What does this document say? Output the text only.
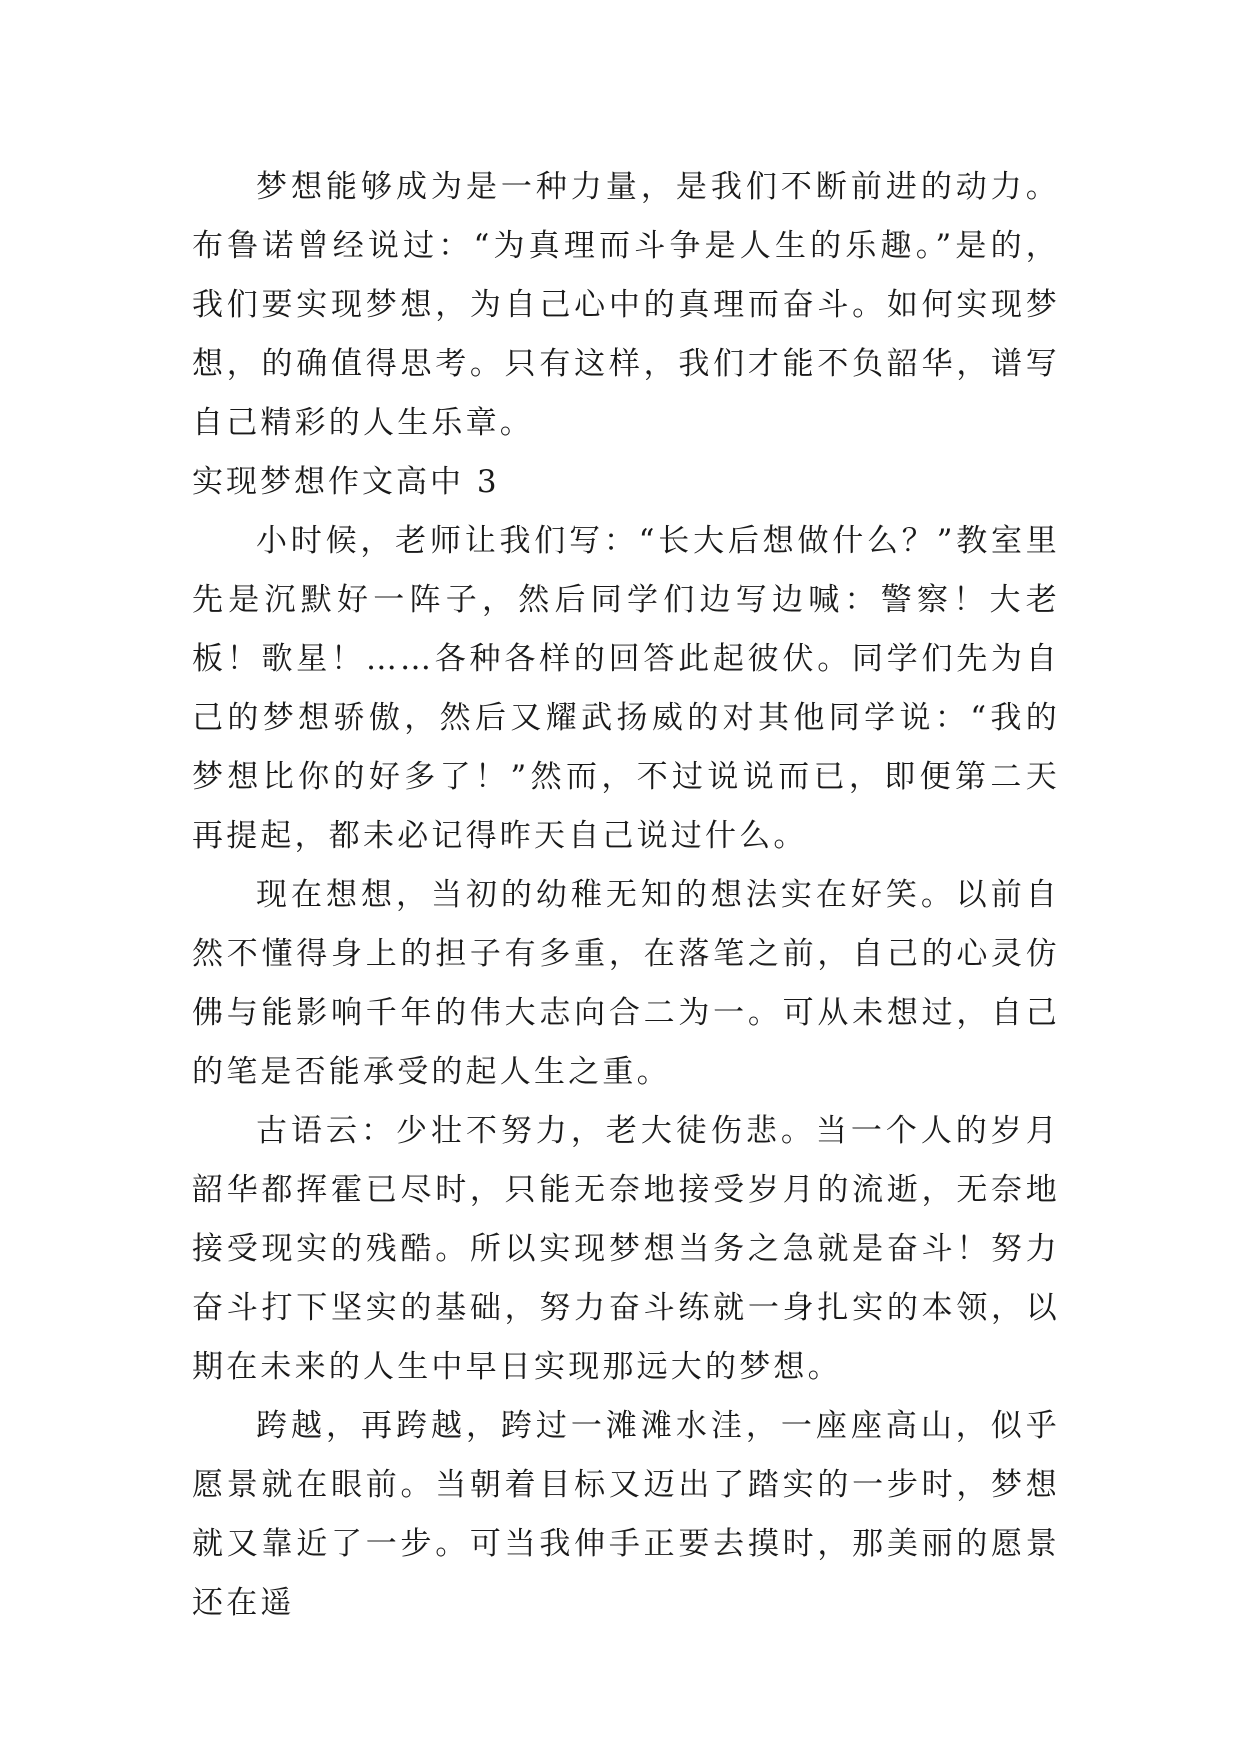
梦想能够成为是一种力量，是我们不断前进的动力。布鲁诺曾经说过：“为真理而斗争是人生的乐趣。”是的，我们要实现梦想，为自己心中的真理而奋斗。如何实现梦想，的确值得思考。只有这样，我们才能不负韶华，谱写自己精彩的人生乐章。

实现梦想作文高中 3

小时候，老师让我们写：“长大后想做什么？”教室里先是沉默好一阵子，然后同学们边写边喊：警察！大老板！歌星！……各种各样的回答此起彼伏。同学们先为自己的梦想骄傲，然后又耀武扬威的对其他同学说：“我的梦想比你的好多了！”然而，不过说说而已，即便第二天再提起，都未必记得昨天自己说过什么。

现在想想，当初的幼稚无知的想法实在好笑。以前自然不懂得身上的担子有多重，在落笔之前，自己的心灵仿佛与能影响千年的伟大志向合二为一。可从未想过，自己的笔是否能承受的起人生之重。

古语云：少壮不努力，老大徒伤悲。当一个人的岁月韶华都挥霍已尽时，只能无奈地接受岁月的流逝，无奈地接受现实的残酷。所以实现梦想当务之急就是奋斗！努力奋斗打下坚实的基础，努力奋斗练就一身扎实的本领，以期在未来的人生中早日实现那远大的梦想。

跨越，再跨越，跨过一滩滩水洼，一座座高山，似乎愿景就在眼前。当朝着目标又迈出了踏实的一步时，梦想就又靠近了一步。可当我伸手正要去摸时，那美丽的愿景还在遥
